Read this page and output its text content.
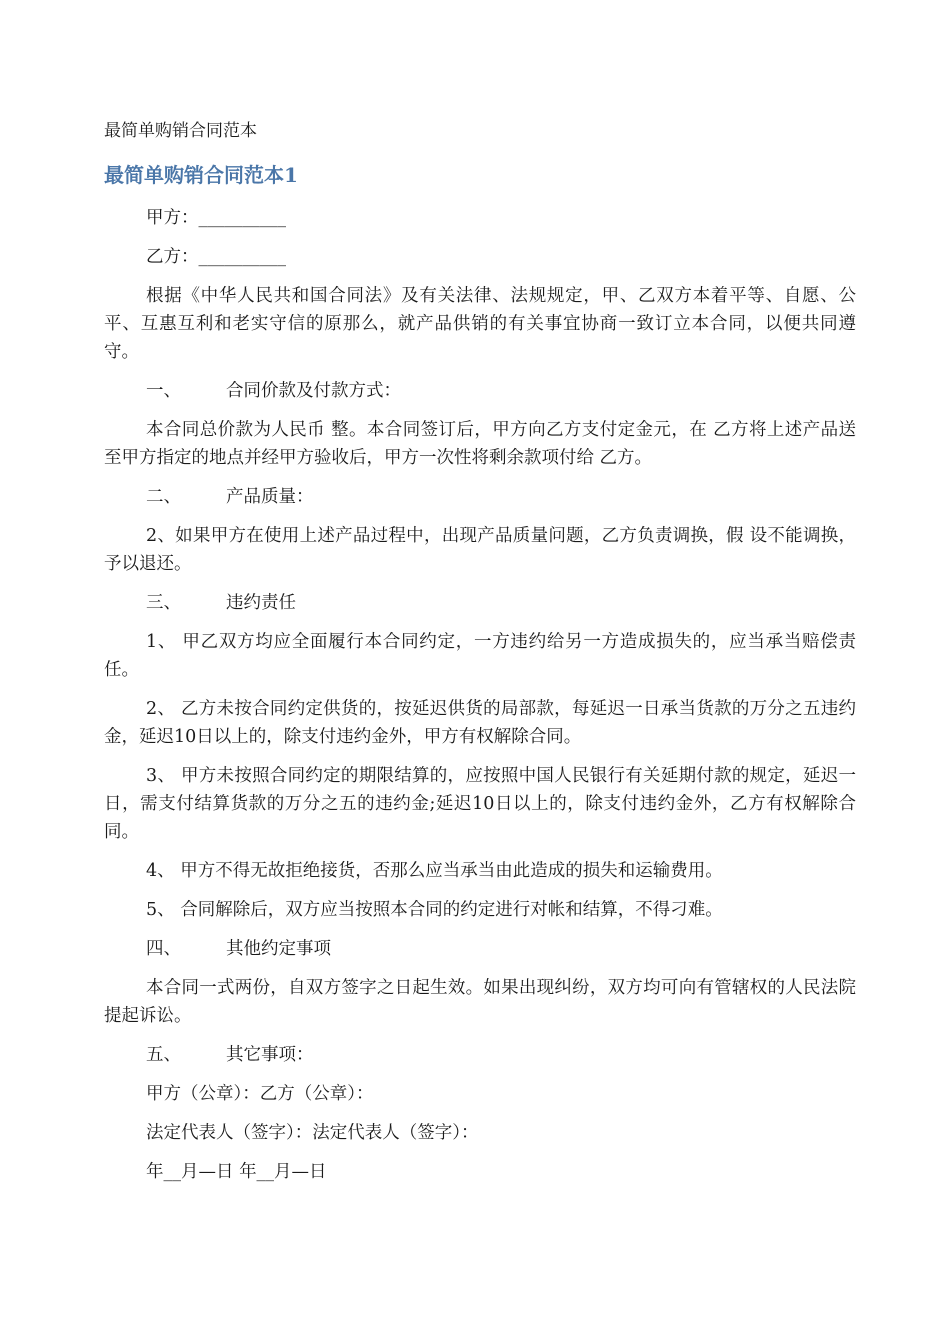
最简单购销合同范本
最简单购销合同范本1

甲方：__________

乙方：__________

根据《中华人民共和国合同法》及有关法律、法规规定，甲、乙双方本着平等、自愿、公平、互惠互利和老实守信的原那么，就产品供销的有关事宜协商一致订立本合同，以便共同遵守。

一、	合同价款及付款方式：

本合同总价款为人民币 整。本合同签订后，甲方向乙方支付定金元，在 乙方将上述产品送至甲方指定的地点并经甲方验收后，甲方一次性将剩余款项付给 乙方。

二、	产品质量：

2、如果甲方在使用上述产品过程中，出现产品质量问题，乙方负责调换，假 设不能调换，予以退还。

三、	违约责任

1、 甲乙双方均应全面履行本合同约定，一方违约给另一方造成损失的，应当承当赔偿责任。

2、 乙方未按合同约定供货的，按延迟供货的局部款，每延迟一日承当货款的万分之五违约金，延迟10日以上的，除支付违约金外，甲方有权解除合同。

3、 甲方未按照合同约定的期限结算的，应按照中国人民银行有关延期付款的规定，延迟一日，需支付结算货款的万分之五的违约金;延迟10日以上的，除支付违约金外，乙方有权解除合同。

4、 甲方不得无故拒绝接货，否那么应当承当由此造成的损失和运输费用。

5、 合同解除后，双方应当按照本合同的约定进行对帐和结算，不得刁难。

四、	其他约定事项

本合同一式两份，自双方签字之日起生效。如果出现纠纷，双方均可向有管辖权的人民法院提起诉讼。

五、	其它事项：

甲方（公章）：乙方（公章）：

法定代表人（签字）：法定代表人（签字）：

年__月—日 年__月—日
